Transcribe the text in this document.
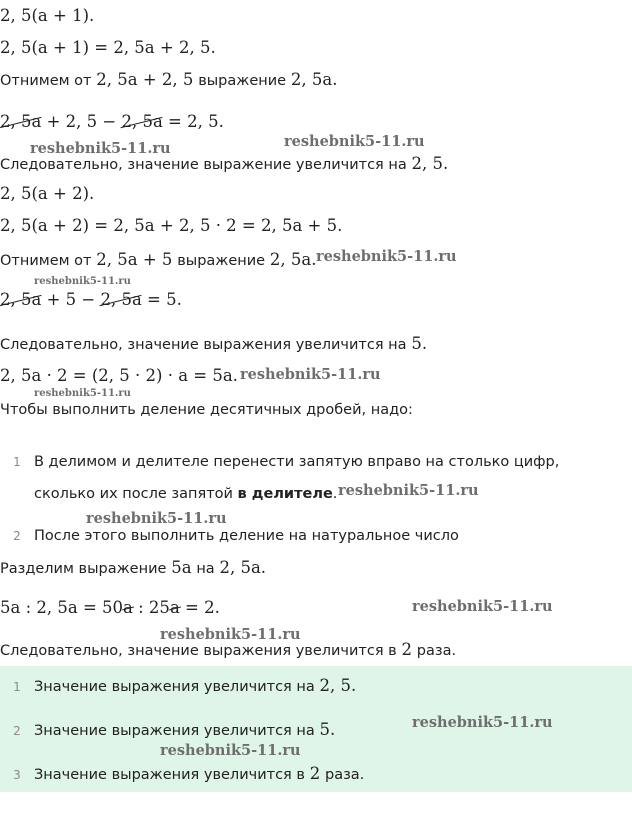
2, 5(a + 1).
2, 5(a + 1) = 2, 5a + 2, 5.
Отнимем от 2, 5a + 2, 5 выражение 2, 5a.
2, 5a + 2, 5 − 2, 5a = 2, 5.
Следовательно, значение выражение увеличится на 2, 5.
2, 5(a + 2).
2, 5(a + 2) = 2, 5a + 2, 5 · 2 = 2, 5a + 5.
Отнимем от 2, 5a + 5 выражение 2, 5a.
2, 5a + 5 − 2, 5a = 5.
Следовательно, значение выражения увеличится на 5.
2, 5a · 2 = (2, 5 · 2) · a = 5a.
Чтобы выполнить деление десятичных дробей, надо:
1 В делимом и делителе перенести запятую вправо на столько цифр,
сколько их после запятой в делителе.
2 После этого выполнить деление на натуральное число
Разделим выражение 5a на 2, 5a.
5a : 2, 5a = 50a : 25a = 2.
Следовательно, значение выражения увеличится в 2 раза.
1 Значение выражения увеличится на 2, 5.
2 Значение выражения увеличится на 5.
3 Значение выражения увеличится в 2 раза.
reshebnik5-11.ru
reshebnik5-11.ru
reshebnik5-11.ru
reshebnik5-11.ru
reshebnik5-11.ru
reshebnik5-11.ru
reshebnik5-11.ru
reshebnik5-11.ru
reshebnik5-11.ru
reshebnik5-11.ru
reshebnik5-11.ru
reshebnik5-11.ru
